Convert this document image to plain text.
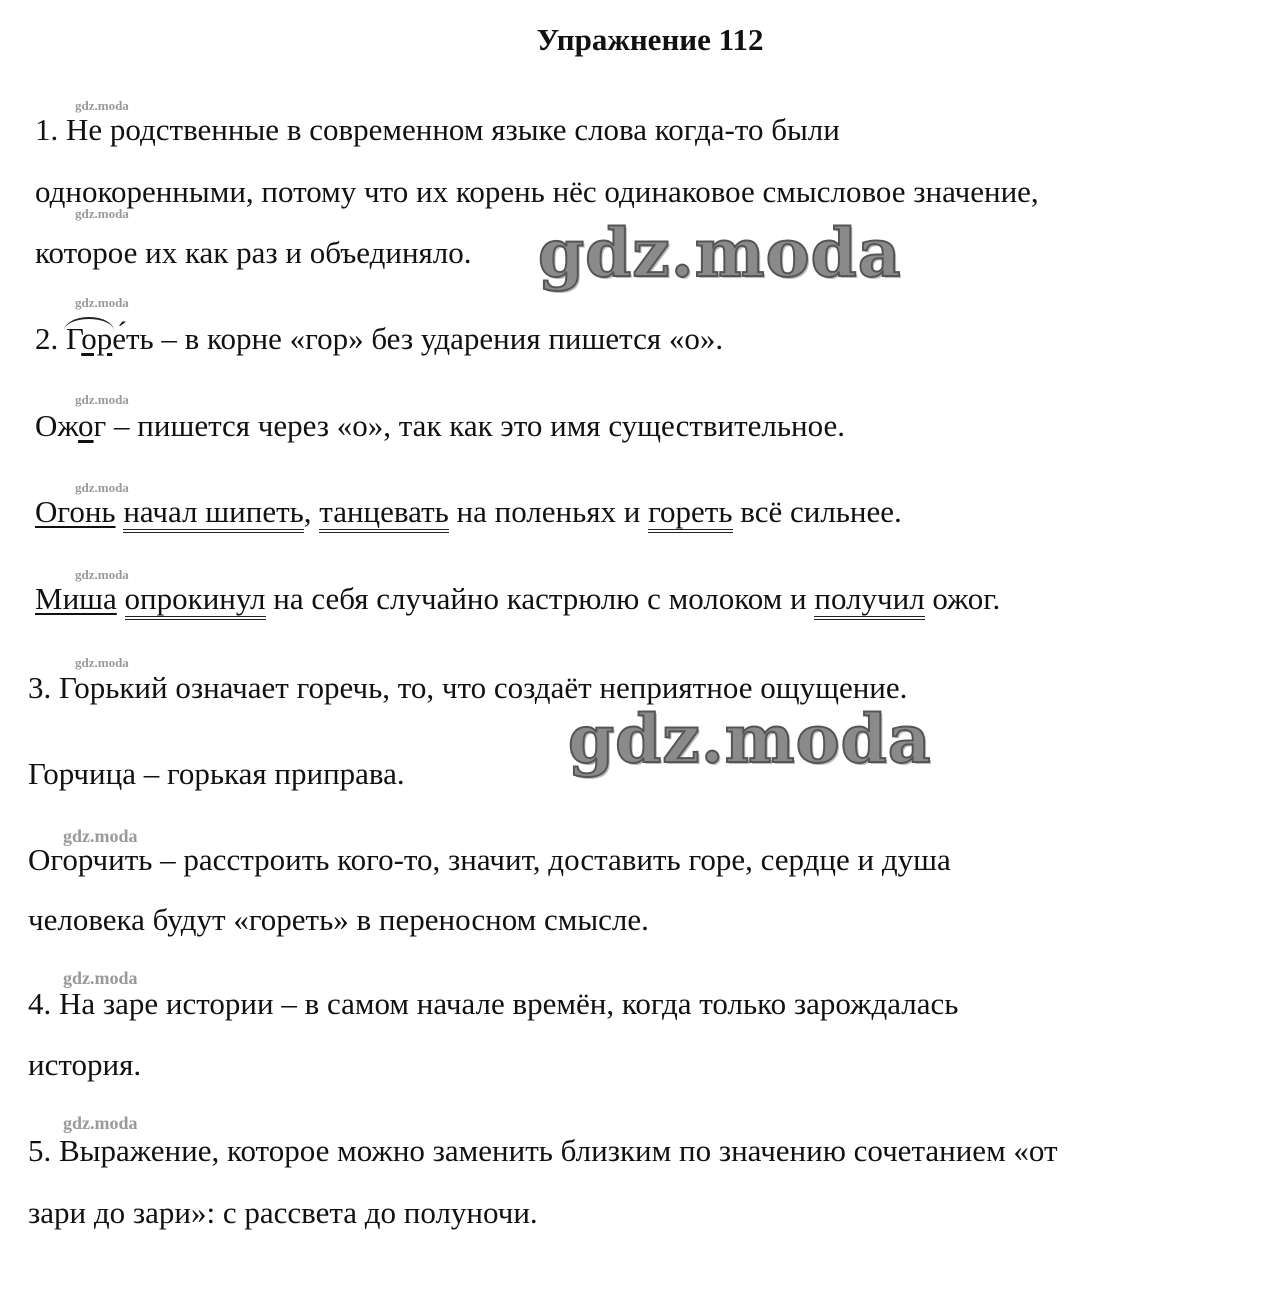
Упражнение 112
gdz.moda
gdz.moda
gdz.moda
gdz.moda
gdz.moda
gdz.moda
gdz.moda
gdz.moda
gdz.moda
gdz.moda
gdz.moda
gdz.moda
1. Не родственные в современном языке слова когда-то были
однокоренными, потому что их корень нёс одинаковое смысловое значение,
которое их как раз и объединяло.
2.
Горе́ть – в корне «гор» без ударения пишется «о».
Ожог – пишется через «о», так как это имя существительное.
Огонь начал шипеть, танцевать на поленьях и гореть всё сильнее.
Миша опрокинул на себя случайно кастрюлю с молоком и получил ожог.
3. Горький означает горечь, то, что создаёт неприятное ощущение.
Горчица – горькая приправа.
Огорчить – расстроить кого-то, значит, доставить горе, сердце и душа
человека будут «гореть» в переносном смысле.
4. На заре истории – в самом начале времён, когда только зарождалась
история.
5. Выражение, которое можно заменить близким по значению сочетанием «от
зари до зари»: с рассвета до полуночи.
